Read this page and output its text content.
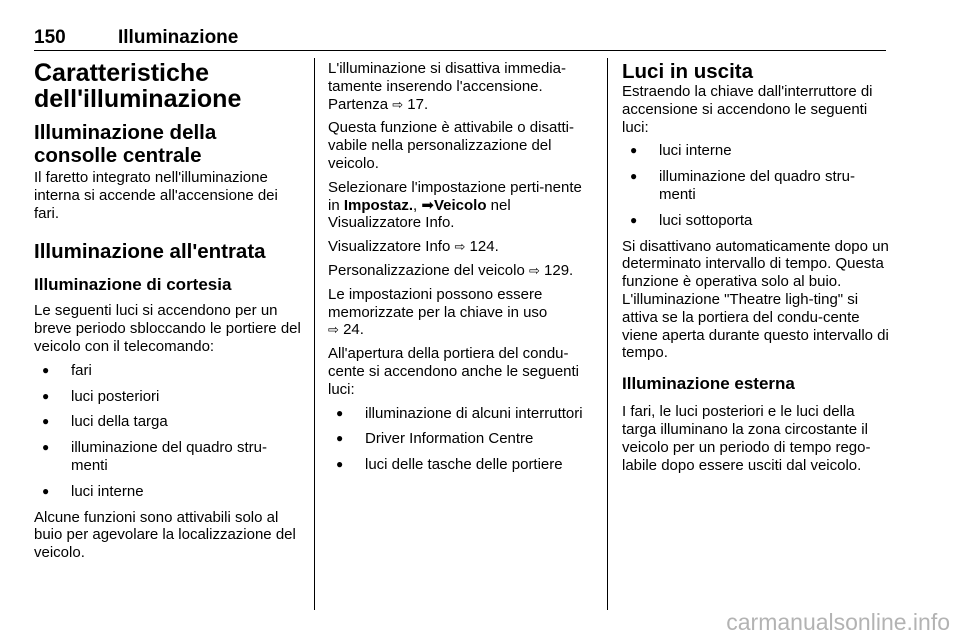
150	Illuminazione
Caratteristiche dell'illuminazione
Illuminazione della consolle centrale

Il faretto integrato nell'illuminazione interna si accende all'accensione dei fari.

Illuminazione all'entrata
Illuminazione di cortesia

Le seguenti luci si accendono per un breve periodo sbloccando le portiere del veicolo con il telecomando:

● fari
● luci posteriori
● luci della targa
● illuminazione del quadro stru-menti
● luci interne

Alcune funzioni sono attivabili solo al buio per agevolare la localizzazione del veicolo.

L'illuminazione si disattiva immedia-tamente inserendo l'accensione. Partenza ⇨ 17.

Questa funzione è attivabile o disatti-vabile nella personalizzazione del veicolo.

Selezionare l'impostazione perti-nente in Impostaz., ➡Veicolo nel Visualizzatore Info.

Visualizzatore Info ⇨ 124.

Personalizzazione del veicolo ⇨ 129.

Le impostazioni possono essere memorizzate per la chiave in uso
⇨ 24.

All'apertura della portiera del condu-cente si accendono anche le seguenti luci:

● illuminazione di alcuni interruttori
● Driver Information Centre
● luci delle tasche delle portiere
Luci in uscita

Estraendo la chiave dall'interruttore di accensione si accendono le seguenti luci:

● luci interne
● illuminazione del quadro stru-menti
● luci sottoporta

Si disattivano automaticamente dopo un determinato intervallo di tempo. Questa funzione è operativa solo al buio. L'illuminazione "Theatre ligh-ting" si attiva se la portiera del condu-cente viene aperta durante questo intervallo di tempo.

Illuminazione esterna

I fari, le luci posteriori e le luci della targa illuminano la zona circostante il veicolo per un periodo di tempo rego-labile dopo essere usciti dal veicolo.

carmanualsonline.info
